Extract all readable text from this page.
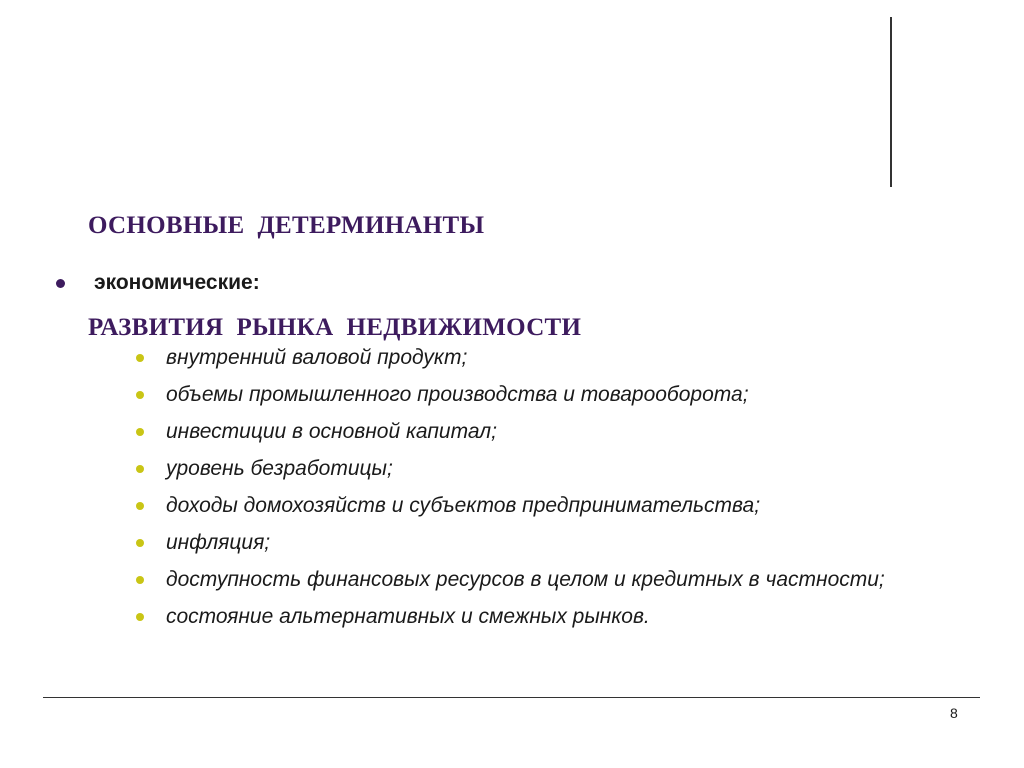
ОСНОВНЫЕ  ДЕТЕРМИНАНТЫ

РАЗВИТИЯ  РЫНКА  НЕДВИЖИМОСТИ

экономические:
внутренний валовой продукт;
объемы промышленного производства и товарооборота;
инвестиции в основной капитал;
уровень безработицы;
доходы домохозяйств и субъектов предпринимательства;
инфляция;
доступность финансовых ресурсов в целом и кредитных в частности;
состояние альтернативных и смежных рынков.
8
